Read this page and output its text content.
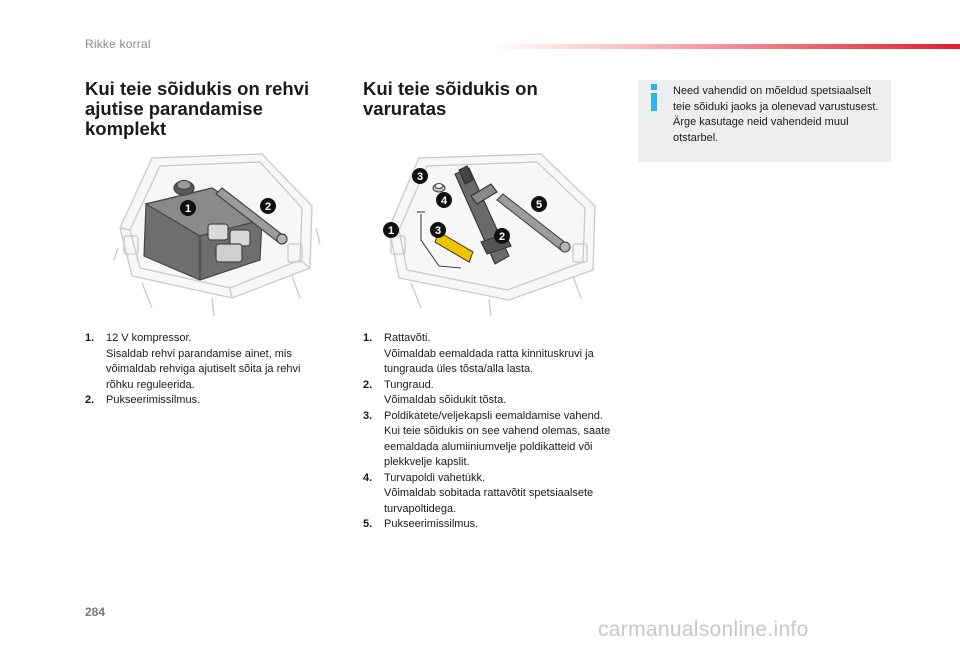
Rikke korral
Kui teie sõidukis on rehvi ajutise parandamise komplekt
Kui teie sõidukis on varuratas

Need vahendid on mõeldud spetsiaalselt teie sõiduki jaoks ja olenevad varustusest. Ärge kasutage neid vahendeid muul otstarbel.

1	2
3
4	5
1	3	2
1. 12 V kompressor.
Sisaldab rehvi parandamise ainet, mis võimaldab rehviga ajutiselt sõita ja rehvi rõhku reguleerida.
2. Pukseerimissilmus.
1. Rattavõti.
Võimaldab eemaldada ratta kinnituskruvi ja tungrauda üles tõsta/alla lasta.
2. Tungraud.
Võimaldab sõidukit tõsta.
3. Poldikatete/veljekapsli eemaldamise vahend.
Kui teie sõidukis on see vahend olemas, saate eemaldada alumiiniumvelje poldikatteid või plekkvelje kapslit.
4. Turvapoldi vahetükk.
Võimaldab sobitada rattavõtit spetsiaalsete turvapoltidega.
5. Pukseerimissilmus.
284
carmanualsonline.info
